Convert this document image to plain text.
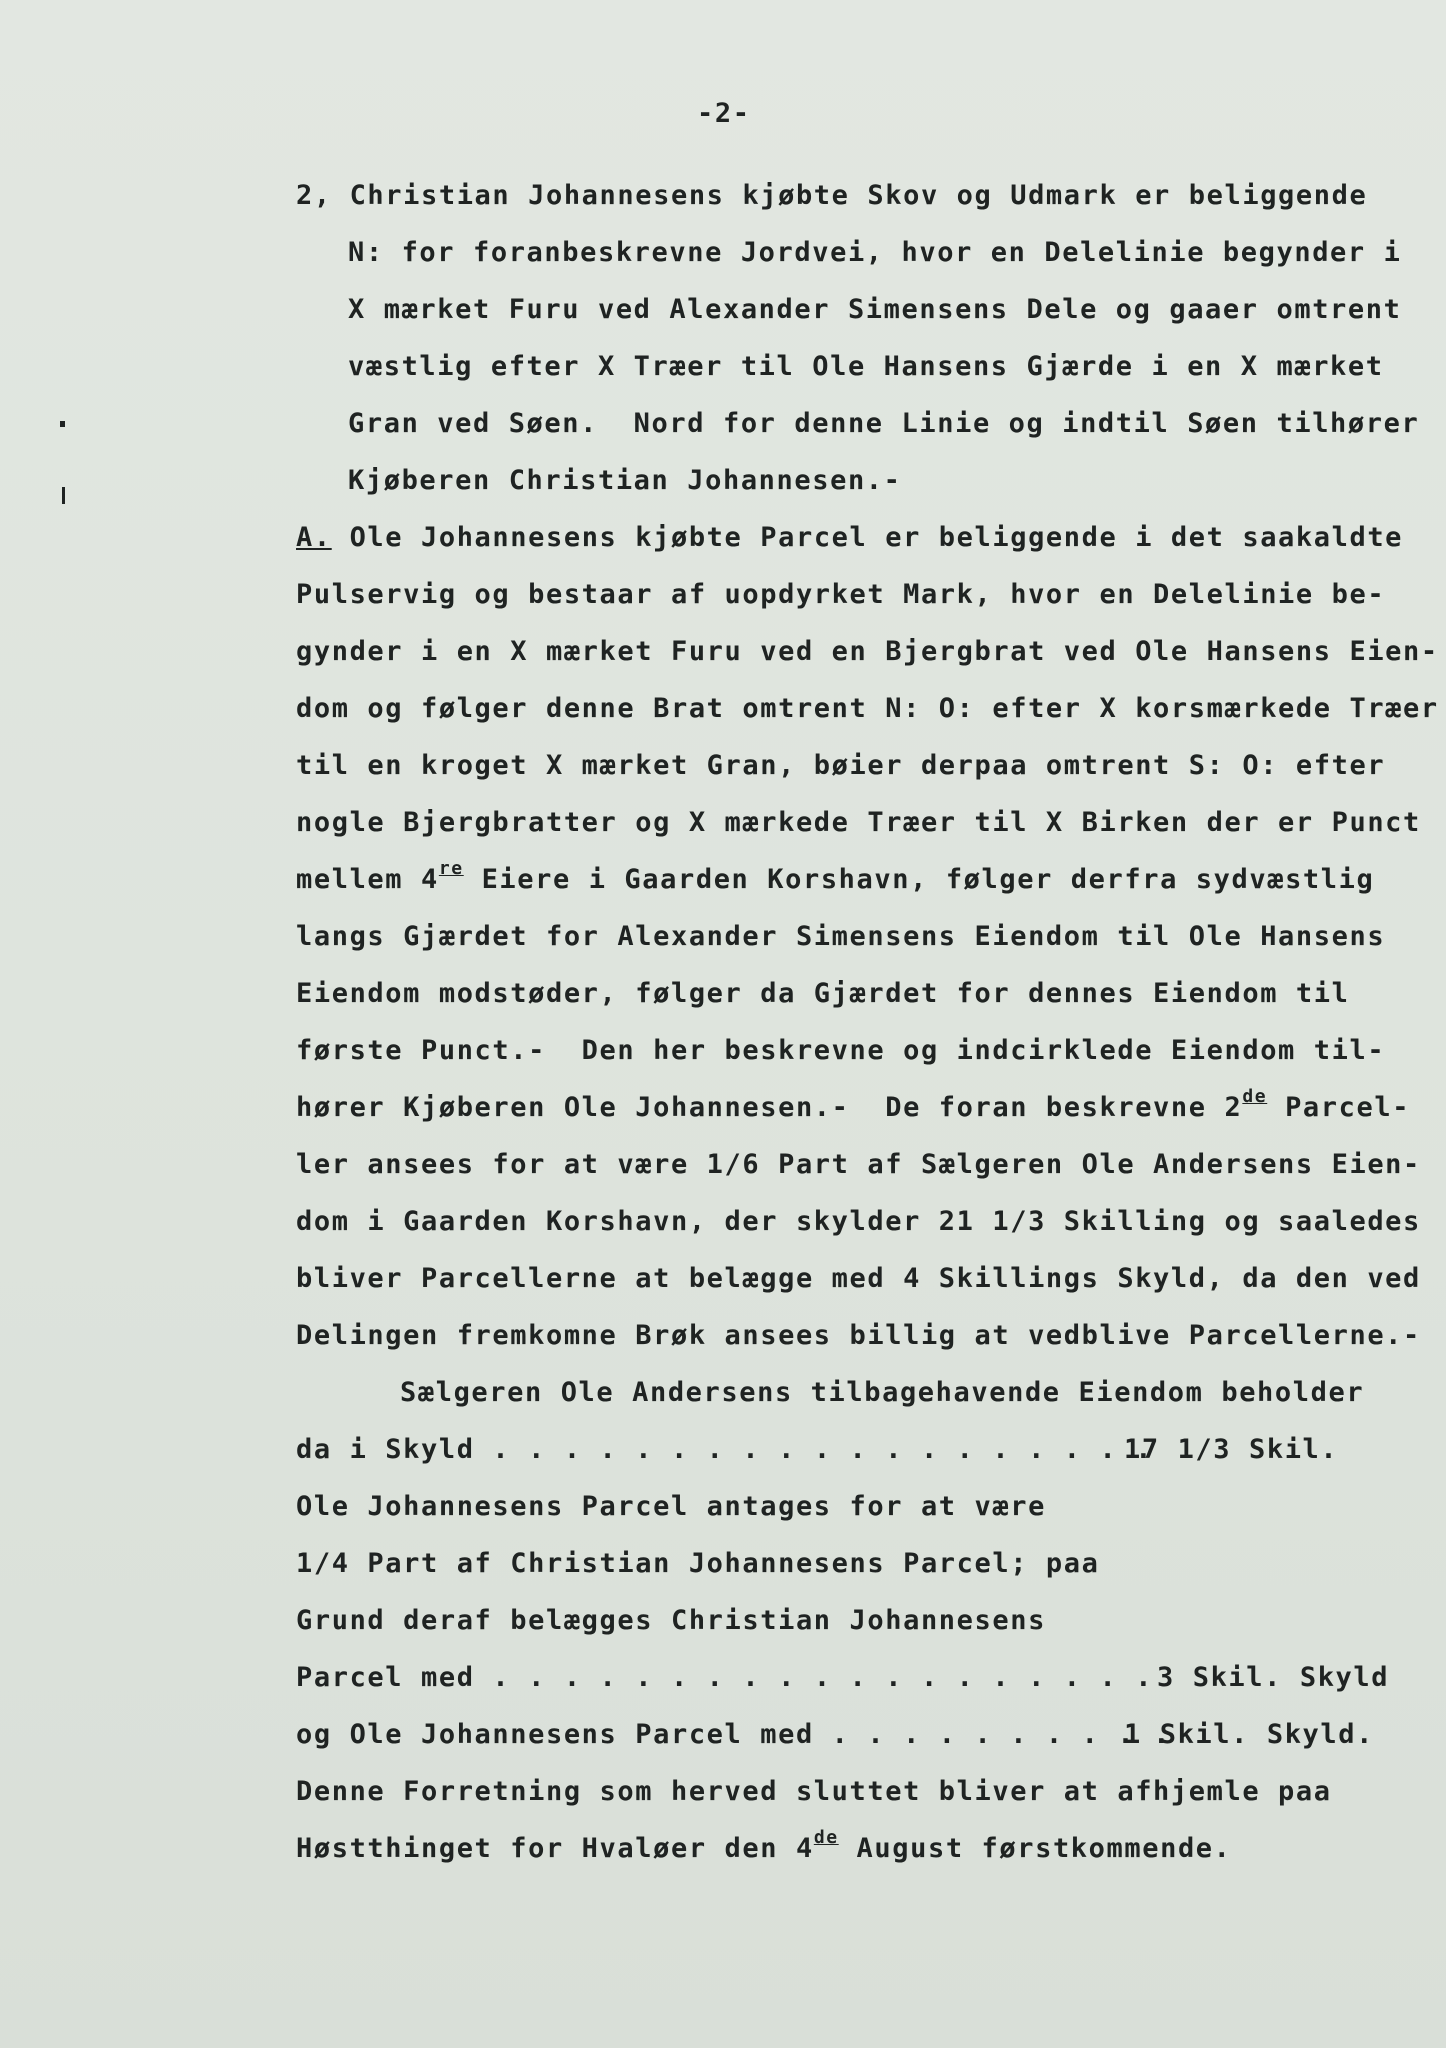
-2-
2, Christian Johannesens kjøbte Skov og Udmark er beliggende
N: for foranbeskrevne Jordvei, hvor en Delelinie begynder i
X mærket Furu ved Alexander Simensens Dele og gaaer omtrent
væstlig efter X Træer til Ole Hansens Gjærde i en X mærket
Gran ved Søen.  Nord for denne Linie og indtil Søen tilhører
Kjøberen Christian Johannesen.-
A. Ole Johannesens kjøbte Parcel er beliggende i det saakaldte
Pulservig og bestaar af uopdyrket Mark, hvor en Delelinie be-
gynder i en X mærket Furu ved en Bjergbrat ved Ole Hansens Eien-
dom og følger denne Brat omtrent N: O: efter X korsmærkede Træer
til en kroget X mærket Gran, bøier derpaa omtrent S: O: efter
nogle Bjergbratter og X mærkede Træer til X Birken der er Punct
mellem 4re Eiere i Gaarden Korshavn, følger derfra sydvæstlig
langs Gjærdet for Alexander Simensens Eiendom til Ole Hansens
Eiendom modstøder, følger da Gjærdet for dennes Eiendom til
første Punct.-  Den her beskrevne og indcirklede Eiendom til-
hører Kjøberen Ole Johannesen.-  De foran beskrevne 2de Parcel-
ler ansees for at være 1/6 Part af Sælgeren Ole Andersens Eien-
dom i Gaarden Korshavn, der skylder 21 1/3 Skilling og saaledes
bliver Parcellerne at belægge med 4 Skillings Skyld, da den ved
Delingen fremkomne Brøk ansees billig at vedblive Parcellerne.-
Sælgeren Ole Andersens tilbagehavende Eiendom beholder
da i Skyld . . . . . . . . . . . . . . . . . . .
17 1/3 Skil.
Ole Johannesens Parcel antages for at være
1/4 Part af Christian Johannesens Parcel; paa
Grund deraf belægges Christian Johannesens
Parcel med . . . . . . . . . . . . . . . . . . . 3 Skil. Skyld
og Ole Johannesens Parcel med . . . . . . . . . .
1 Skil. Skyld.
Denne Forretning som herved sluttet bliver at afhjemle paa
Høstthinget for Hvaløer den 4de August førstkommende.
